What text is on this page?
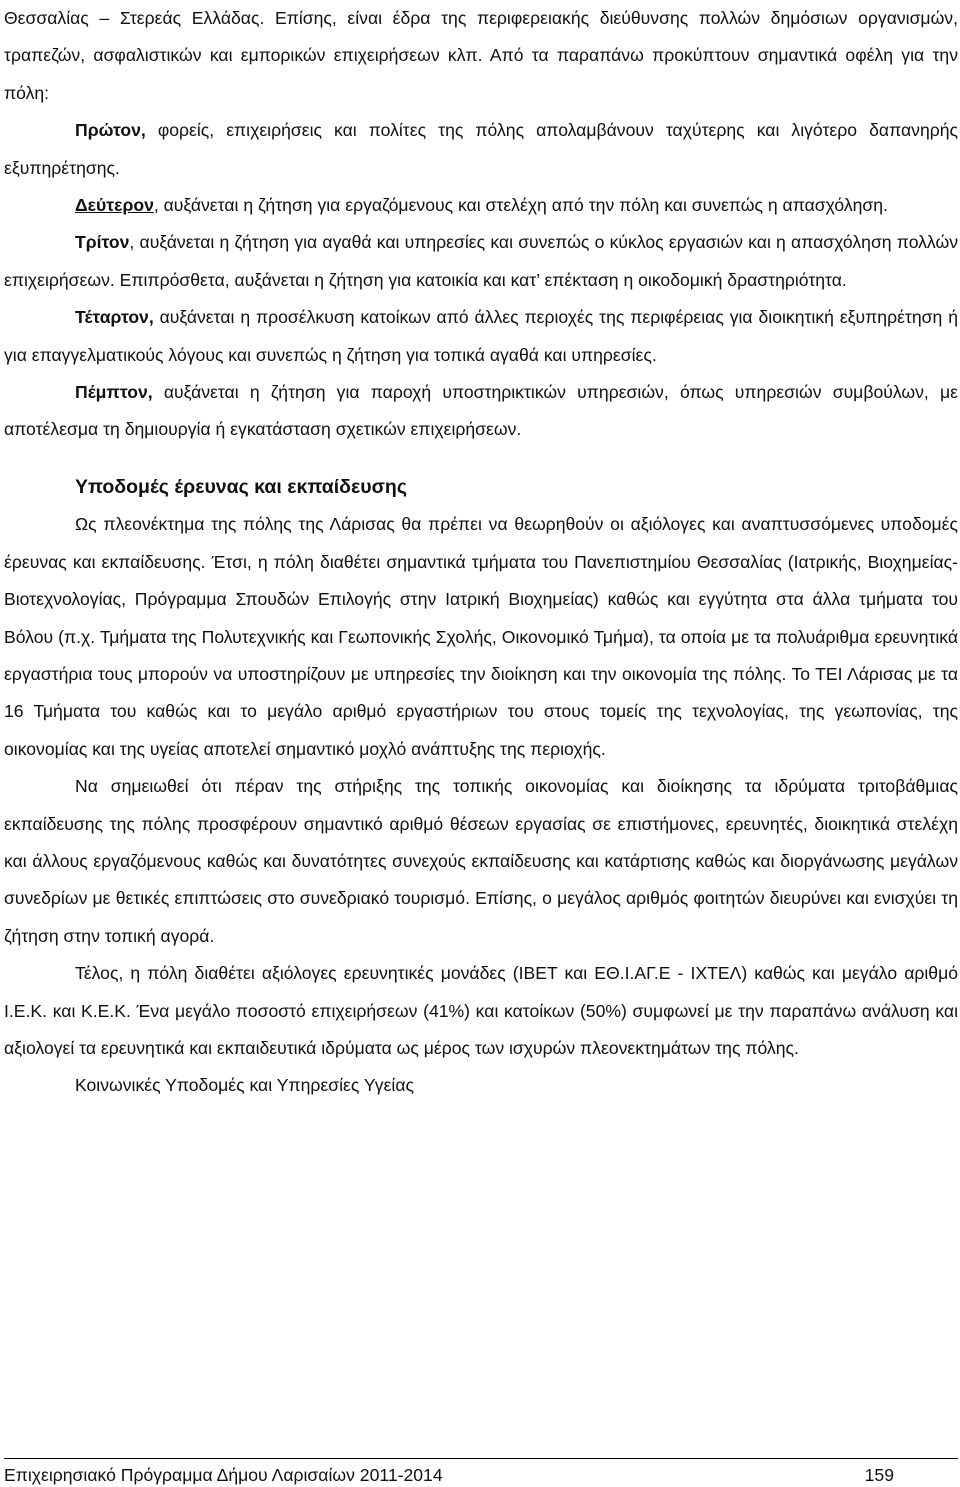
Θεσσαλίας – Στερεάς Ελλάδας. Επίσης, είναι έδρα της περιφερειακής διεύθυνσης πολλών δημόσιων οργανισμών, τραπεζών, ασφαλιστικών και εμπορικών επιχειρήσεων κλπ. Από τα παραπάνω προκύπτουν σημαντικά οφέλη για την πόλη:

Πρώτον, φορείς, επιχειρήσεις και πολίτες της πόλης απολαμβάνουν ταχύτερης και λιγότερο δαπανηρής εξυπηρέτησης.

Δεύτερον, αυξάνεται η ζήτηση για εργαζόμενους και στελέχη από την πόλη και συνεπώς η απασχόληση.

Τρίτον, αυξάνεται η ζήτηση για αγαθά και υπηρεσίες και συνεπώς ο κύκλος εργασιών και η απασχόληση πολλών επιχειρήσεων. Επιπρόσθετα, αυξάνεται η ζήτηση για κατοικία και κατ’ επέκταση η οικοδομική δραστηριότητα.

Τέταρτον, αυξάνεται η προσέλκυση κατοίκων από άλλες περιοχές της περιφέρειας για διοικητική εξυπηρέτηση ή για επαγγελματικούς λόγους και συνεπώς η ζήτηση για τοπικά αγαθά και υπηρεσίες.

Πέμπτον, αυξάνεται η ζήτηση για παροχή υποστηρικτικών υπηρεσιών, όπως υπηρεσιών συμβούλων, με αποτέλεσμα τη δημιουργία ή εγκατάσταση σχετικών επιχειρήσεων.

Υποδομές έρευνας και εκπαίδευσης

Ως πλεονέκτημα της πόλης της Λάρισας θα πρέπει να θεωρηθούν οι αξιόλογες και αναπτυσσόμενες υποδομές έρευνας και εκπαίδευσης. Έτσι, η πόλη διαθέτει σημαντικά τμήματα του Πανεπιστημίου Θεσσαλίας (Ιατρικής, Βιοχημείας-Βιοτεχνολογίας, Πρόγραμμα Σπουδών Επιλογής στην Ιατρική Βιοχημείας) καθώς και εγγύτητα στα άλλα τμήματα του Βόλου (π.χ. Τμήματα της Πολυτεχνικής και Γεωπονικής Σχολής, Οικονομικό Τμήμα), τα οποία με τα πολυάριθμα ερευνητικά εργαστήρια τους μπορούν να υποστηρίζουν με υπηρεσίες την διοίκηση και την οικονομία της πόλης. Το ΤΕΙ Λάρισας με τα 16 Τμήματα του καθώς και το μεγάλο αριθμό εργαστήριων του στους τομείς της τεχνολογίας, της γεωπονίας, της οικονομίας και της υγείας αποτελεί σημαντικό μοχλό ανάπτυξης της περιοχής.

Να σημειωθεί ότι πέραν της στήριξης της τοπικής οικονομίας και διοίκησης τα ιδρύματα τριτοβάθμιας εκπαίδευσης της πόλης προσφέρουν σημαντικό αριθμό θέσεων εργασίας σε επιστήμονες, ερευνητές, διοικητικά στελέχη και άλλους εργαζόμενους καθώς και δυνατότητες συνεχούς εκπαίδευσης και κατάρτισης καθώς και διοργάνωσης μεγάλων συνεδρίων με θετικές επιπτώσεις στο συνεδριακό τουρισμό. Επίσης, ο μεγάλος αριθμός φοιτητών διευρύνει και ενισχύει τη ζήτηση στην τοπική αγορά.

Τέλος, η πόλη διαθέτει αξιόλογες ερευνητικές μονάδες (ΙΒΕΤ και ΕΘ.Ι.ΑΓ.Ε - ΙΧΤΕΛ) καθώς και μεγάλο αριθμό Ι.Ε.Κ. και Κ.Ε.Κ. Ένα μεγάλο ποσοστό επιχειρήσεων (41%) και κατοίκων (50%) συμφωνεί με την παραπάνω ανάλυση και αξιολογεί τα ερευνητικά και εκπαιδευτικά ιδρύματα ως μέρος των ισχυρών πλεονεκτημάτων της πόλης.

Κοινωνικές Υποδομές και Υπηρεσίες Υγείας

Επιχειρησιακό Πρόγραμμα Δήμου Λαρισαίων 2011-2014	159
